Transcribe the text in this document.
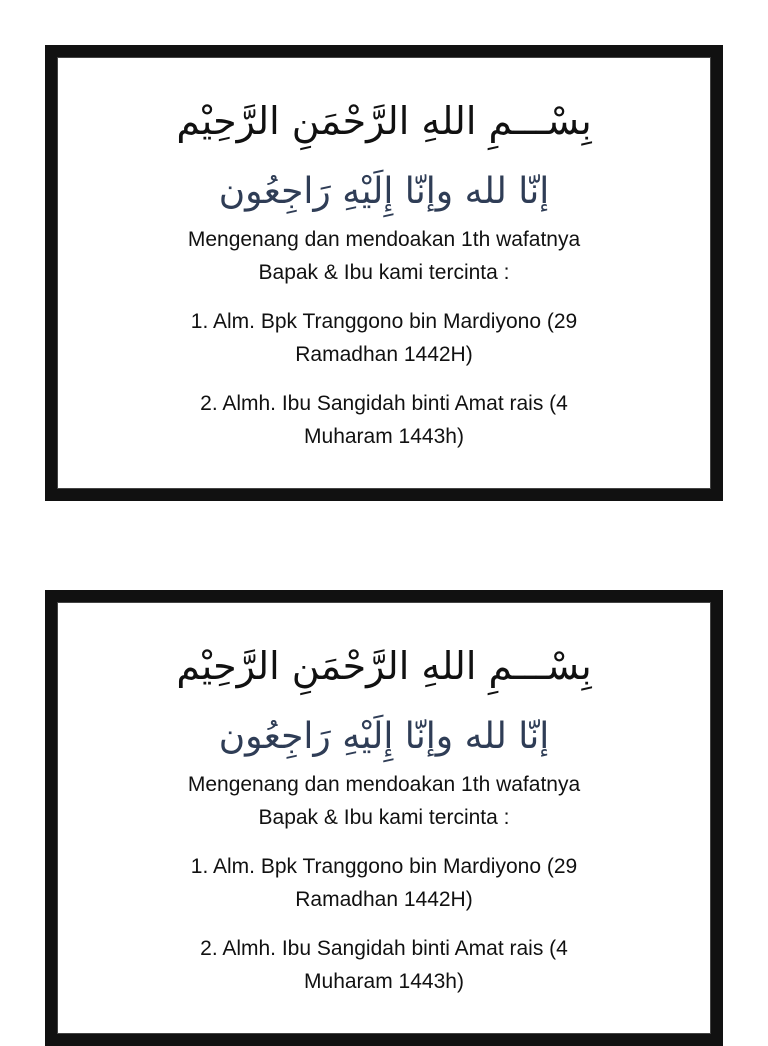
بِسْـــمِ اللهِ الرَّحْمَنِ الرَّحِيْم
إنّا لله وإنّا إِلَيْهِ رَاجِعُون
Mengenang dan mendoakan 1th wafatnya
Bapak & Ibu kami tercinta :
1. Alm. Bpk Tranggono bin Mardiyono (29
Ramadhan 1442H)
2. Almh. Ibu Sangidah binti Amat rais (4
Muharam 1443h)
بِسْـــمِ اللهِ الرَّحْمَنِ الرَّحِيْم
إنّا لله وإنّا إِلَيْهِ رَاجِعُون
Mengenang dan mendoakan 1th wafatnya
Bapak & Ibu kami tercinta :
1. Alm. Bpk Tranggono bin Mardiyono (29
Ramadhan 1442H)
2. Almh. Ibu Sangidah binti Amat rais (4
Muharam 1443h)
